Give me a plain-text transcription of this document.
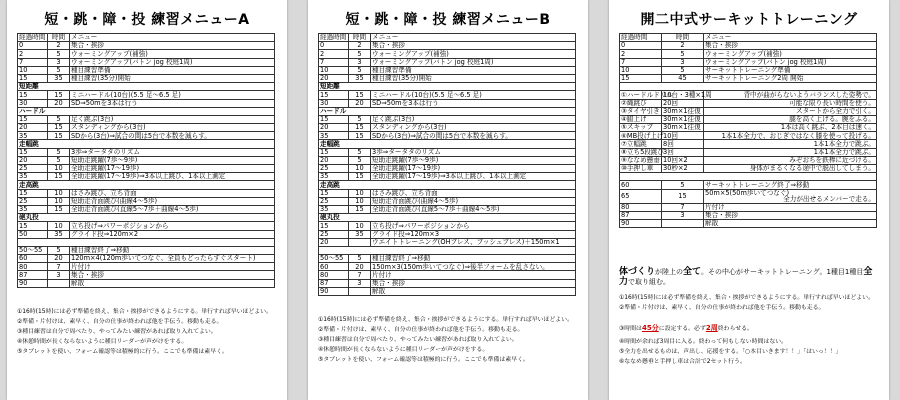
短・跳・障・投 練習メニューA
経過時間	時間	メニュー
0	2	集合・挨拶
2	5	ウォーミングアップ(補強)
7	3	ウォーミングアップ(バトン jog 校庭1周)
10	5	種目練習準備
15	35	種目練習(35分)開始
短距離		
15	15	ミニハードル(10台)(5.5 足〜6.5 足)
30	20	SD⇒50mを3本は行う
ハードル		
15	5	足く跳ぶ(3台)
20	15	スタンディングから(3台)
35	15	SDから(3台)⇒試合の間は5台で本数を減らす。
走幅跳		
15	5	3歩⇒タータタのリズム
20	5	短助走跳躍(7歩〜9歩)
25	10	全助走跳躍(17〜19歩)
35	15	全助走跳躍(17〜19歩)⇒3本以上跳び、1本以上測定
走高跳		
15	10	はさみ跳び、立ち背面
25	10	短助走背面跳び(曲線4〜5歩)
35	15	全助走背面跳び(直線5〜7歩＋曲線4〜5歩)
砲丸投		
15	10	立ち投げ⇒パワーポジションから
50	35	グライド投⇒120m×2

50〜55	5	種目練習終了⇒移動
60	20	120m×4(120m歩いてつなぐ、全員もどったらすぐスタート)
80	7	片付け
87	3	集合・挨拶
90		解散
①16時(15時)には必ず準備を終え、集合・挨拶ができるようにする。単行すれば早いほどよい。
②準備・片付けは、素早く、自分の仕事が終われば他を手伝う。移動も走る。
③種目練習は自分で周べたり、やってみたい練習があれば取り入れてよい。
④休憩時間が長くならないように種目リーダーが声がけをする。
⑤タブレットを使い、フォーム確認等は積極的に行う。ここでも準備は素早く。
短・跳・障・投 練習メニューB
経過時間	時間	メニュー
0	2	集合・挨拶
2	5	ウォーミングアップ(補強)
7	3	ウォーミングアップ(バトン jog 校庭1周)
10	5	種目練習準備
20	35	種目練習(35分)開始
短距離		
15	15	ミニハードル(10台)(5.5 足〜6.5 足)
30	20	SD⇒50mを3本は行う
ハードル		
15	5	足く跳ぶ(3台)
20	15	スタンディングから(3台)
35	15	SDから(3台)⇒試合の間は5台で本数を減らす。
走幅跳		
15	5	3歩⇒タータタのリズム
20	5	短助走跳躍(7歩〜9歩)
25	10	全助走跳躍(17〜19歩)
35	15	全助走跳躍(17〜19歩)⇒3本以上跳び、1本以上測定
走高跳		
15	10	はさみ跳び、立ち背面
25	10	短助走背面跳び(曲線4〜5歩)
35	15	全助走背面跳び(直線5〜7歩＋曲線4〜5歩)
砲丸投		
15	10	立ち投げ⇒パワーポジションから
25	35	グライド投⇒120m×3
20		ウエイトトレーニング(OHプレス、プッシュプレス)＋150m×1

50〜55	5	種目練習終了⇒移動
60	20	150m×3(150m歩いてつなぐ)⇒後半フォームを乱さない。
80	7	片付け
87	3	集合・挨拶
90		解散
①16時(15時)には必ず準備を終え、集合・挨拶ができるようにする。単行すれば早いほどよい。
②準備・片付けは、素早く、自分の仕事が終われば他を手伝う。移動も走る。
③種目練習は自分で周べたり、やってみたい練習があれば取り入れてよい。
④休憩時間が長くならないように種目リーダーが声がけをする。
⑤タブレットを使い、フォーム確認等は積極的に行う。ここでも準備は素早く。
開二中式サーキットトレーニング
経過時間	時間	メニュー
0	2	集合・挨拶
2	5	ウォーミングアップ(補強)
7	3	ウォーミングアップ(バトン jog 校庭1周)
10	5	サーキットトレーニング準備
15	45	サーキットトレーニング2周 開始

①ハードルドリル	10台・3種×1周	背中が曲がらないようバランスした姿勢で。
②縄跳び	20回	可能な限り長い時間を使う。
③タイヤ引き	30m×1往復	スタートから全力で引く。
④腿上げ	30m×1往復	腿を高く上げる。腕をふる。
⑤スキップ	30m×1往復	1本は高く跳ぶ、2本目は速く。
⑥MB投げ上げ	10回	1本1本全力で、おじぎではなく膝を使って投げる。
⑦立幅跳	8回	1本1本全力で跳ぶ。
⑧立ち5段跳び	3回	1本1本全力で跳ぶ。
⑨ななめ懸垂	10回×2	みぞおちを鉄棒に近づける。
⑩手押し車	30秒×2	身体がまるくなる途中で脱出してしまう。

60	5	サーキットトレーニング終了⇒移動
65	15	50m×5(50m歩いてつなぐ)
全力が出せるメンバーで走る。

80	7	片付け
87	3	集合・挨拶
90		解散
体づくりが陸上の全て。その中心がサーキットトレーニング。1種目1種目全力で取り組む。
①16時(15時)には必ず準備を終え、集合・挨拶ができるようにする。単行すれば早いほどよい。
②準備・片付けは、素早く、自分の仕事が終われば他を手伝う。移動も走る。
③時間は45分に設定する。必ず2周終わらせる。
④時間が余れば3周目に入る。終わって何もしない時間はない。
⑤全力を出せるものは、声出し、応援をする。「○本目いきます！！」「はいっ！！」
⑥ななめ懸垂と手押し車は合計で2セット行う。
